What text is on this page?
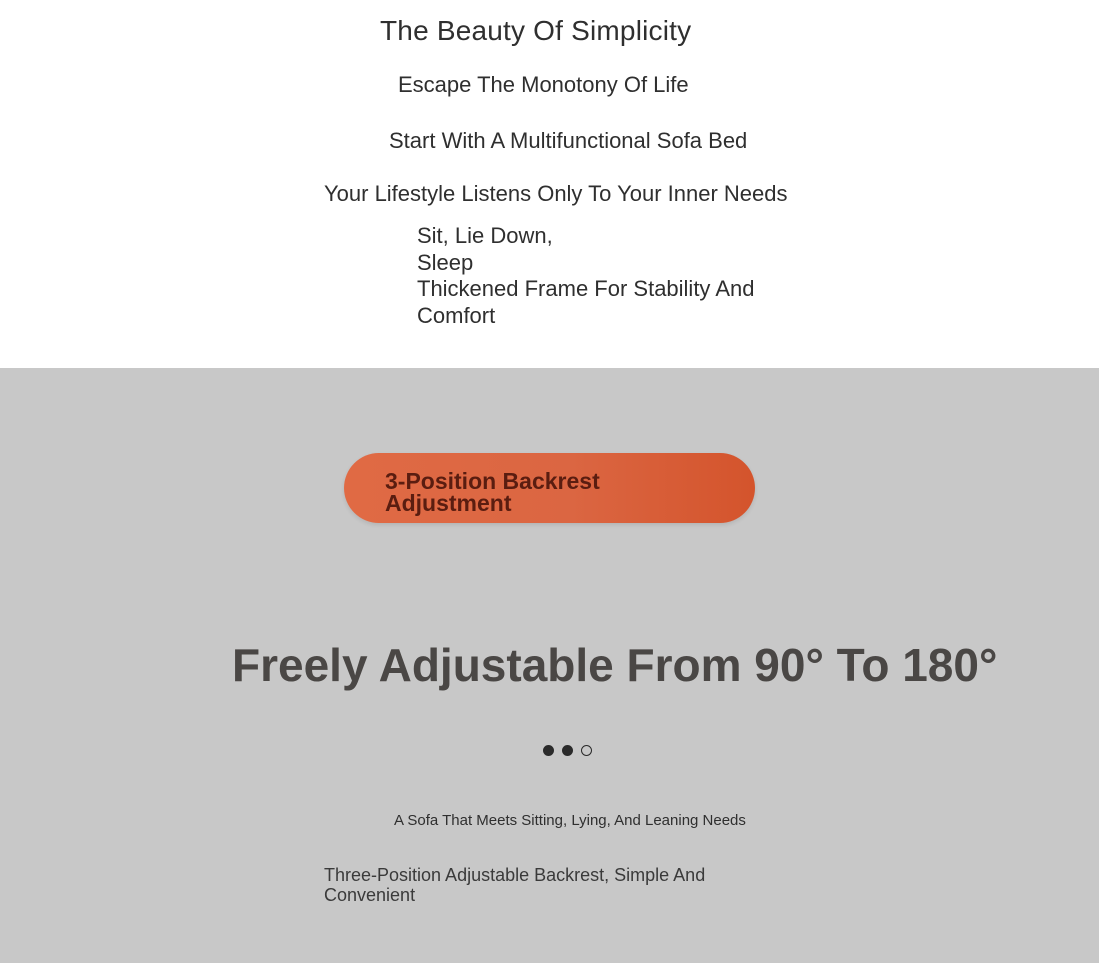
The Beauty Of Simplicity

Escape The Monotony Of Life

Start With A Multifunctional Sofa Bed

Your Lifestyle Listens Only To Your Inner Needs

Sit, Lie Down,
Sleep
Thickened Frame For Stability And
Comfort
3-Position Backrest Adjustment
Freely Adjustable From 90° To 180°

A Sofa That Meets Sitting, Lying, And Leaning Needs

Three-Position Adjustable Backrest, Simple And Convenient
